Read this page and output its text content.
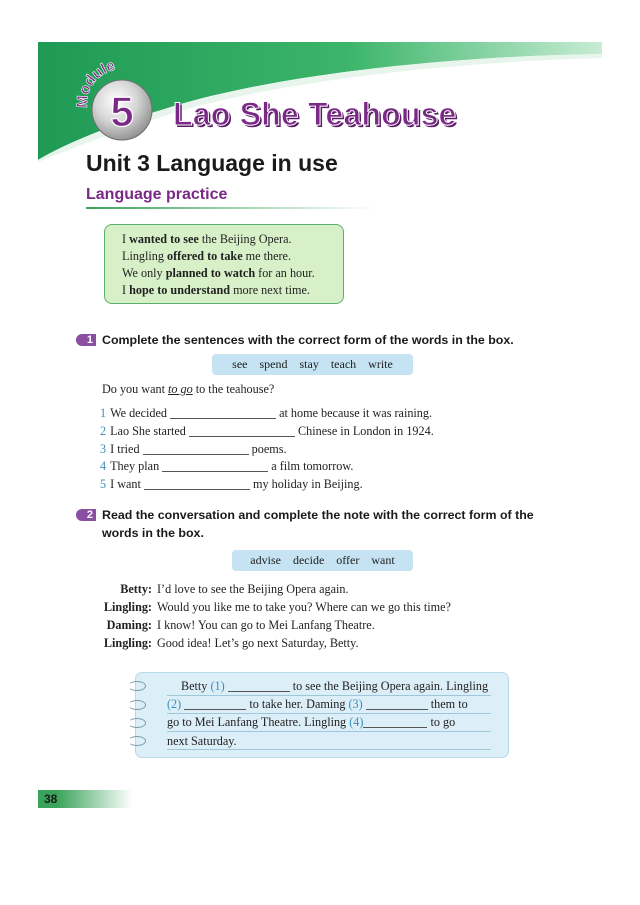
Module
5 Lao She Teahouse
Unit 3 Language in use
Language practice
I wanted to see the Beijing Opera.
Lingling offered to take me there.
We only planned to watch for an hour.
I hope to understand more next time.
1 Complete the sentences with the correct form of the words in the box.
see spend stay teach write
Do you want to go to the teahouse?
1 We decided	at home because it was raining.
2 Lao She started	Chinese in London in 1924.
3 I tried	poems.
4 They plan	a film tomorrow.
5 I want	my holiday in Beijing.
2 Read the conversation and complete the note with the correct form of the
words in the box.
advise decide offer want
Betty: I’d love to see the Beijing Opera again.
Lingling: Would you like me to take you? Where can we go this time?
Daming: I know! You can go to Mei Lanfang Theatre.
Lingling: Good idea! Let’s go next Saturday, Betty.
Betty (1)	to see the Beijing Opera again. Lingling
(2)	to take her. Daming (3)	them to
go to Mei Lanfang Theatre. Lingling (4)	to go
next Saturday.
38
